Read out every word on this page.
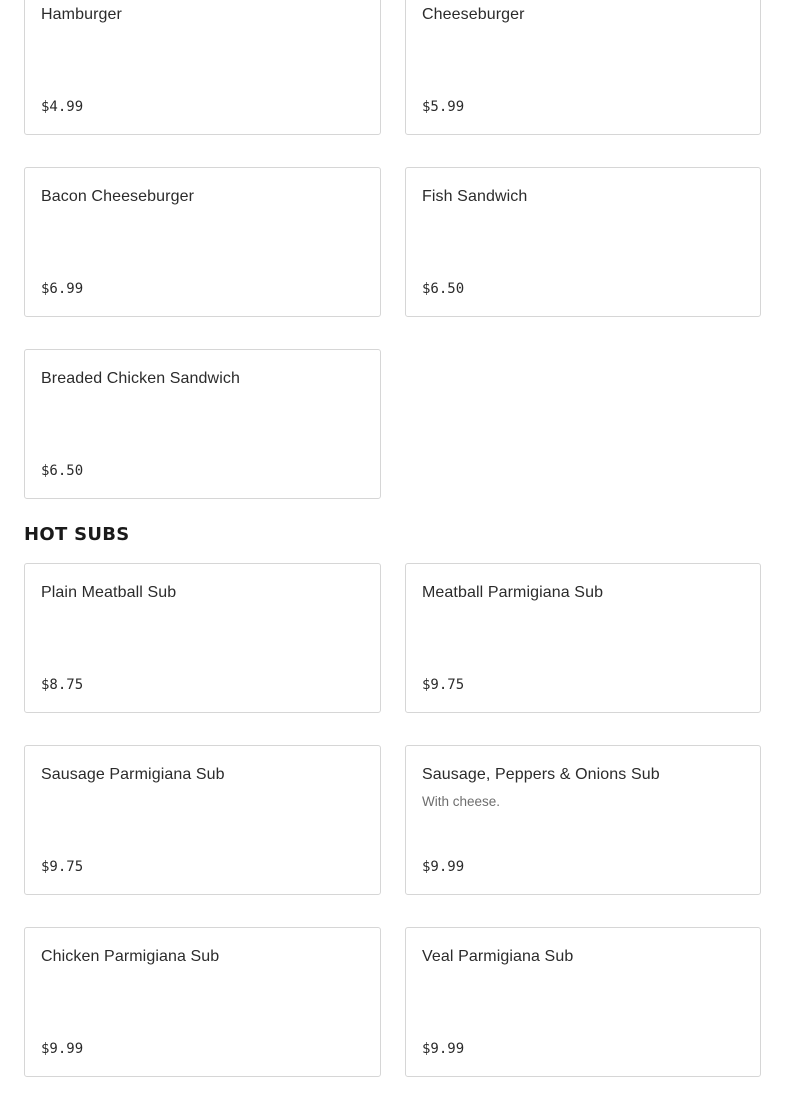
Hamburger
$4.99
Cheeseburger
$5.99
Bacon Cheeseburger
$6.99
Fish Sandwich
$6.50
Breaded Chicken Sandwich
$6.50
HOT SUBS
Plain Meatball Sub
$8.75
Meatball Parmigiana Sub
$9.75
Sausage Parmigiana Sub
$9.75
Sausage, Peppers & Onions Sub
With cheese.
$9.99
Chicken Parmigiana Sub
$9.99
Veal Parmigiana Sub
$9.99
